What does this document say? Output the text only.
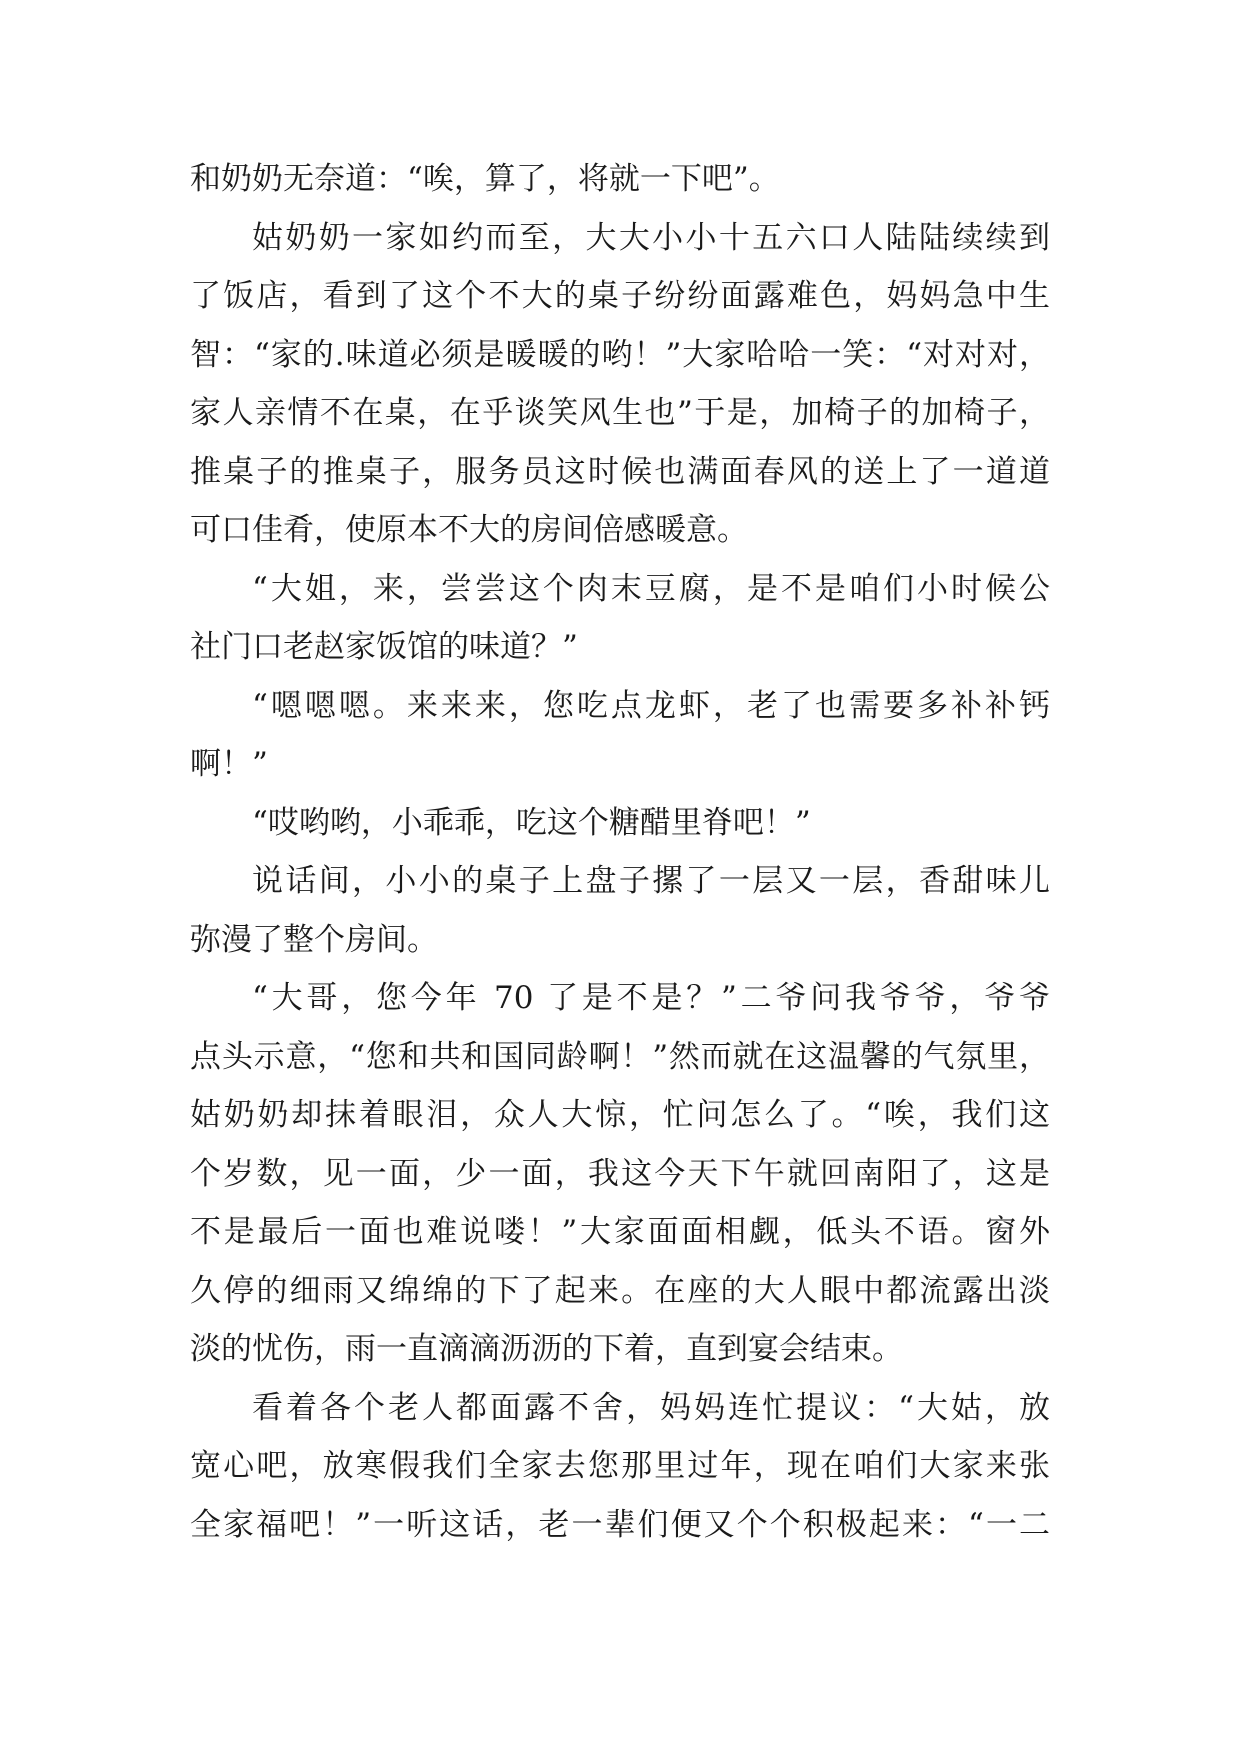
和奶奶无奈道：“唉，算了，将就一下吧”。
姑奶奶一家如约而至，大大小小十五六口人陆陆续续到
了饭店，看到了这个不大的桌子纷纷面露难色，妈妈急中生
智：“家的.味道必须是暖暖的哟！”大家哈哈一笑：“对对对，
家人亲情不在桌，在乎谈笑风生也”于是，加椅子的加椅子，
推桌子的推桌子，服务员这时候也满面春风的送上了一道道
可口佳肴，使原本不大的房间倍感暖意。
“大姐，来，尝尝这个肉末豆腐，是不是咱们小时候公
社门口老赵家饭馆的味道？”
“嗯嗯嗯。来来来，您吃点龙虾，老了也需要多补补钙
啊！”
“哎哟哟，小乖乖，吃这个糖醋里脊吧！”
说话间，小小的桌子上盘子摞了一层又一层，香甜味儿
弥漫了整个房间。
“大哥，您今年 70 了是不是？”二爷问我爷爷，爷爷
点头示意，“您和共和国同龄啊！”然而就在这温馨的气氛里，
姑奶奶却抹着眼泪，众人大惊，忙问怎么了。“唉，我们这
个岁数，见一面，少一面，我这今天下午就回南阳了，这是
不是最后一面也难说喽！”大家面面相觑，低头不语。窗外
久停的细雨又绵绵的下了起来。在座的大人眼中都流露出淡
淡的忧伤，雨一直滴滴沥沥的下着，直到宴会结束。
看着各个老人都面露不舍，妈妈连忙提议：“大姑，放
宽心吧，放寒假我们全家去您那里过年，现在咱们大家来张
全家福吧！”一听这话，老一辈们便又个个积极起来：“一二
